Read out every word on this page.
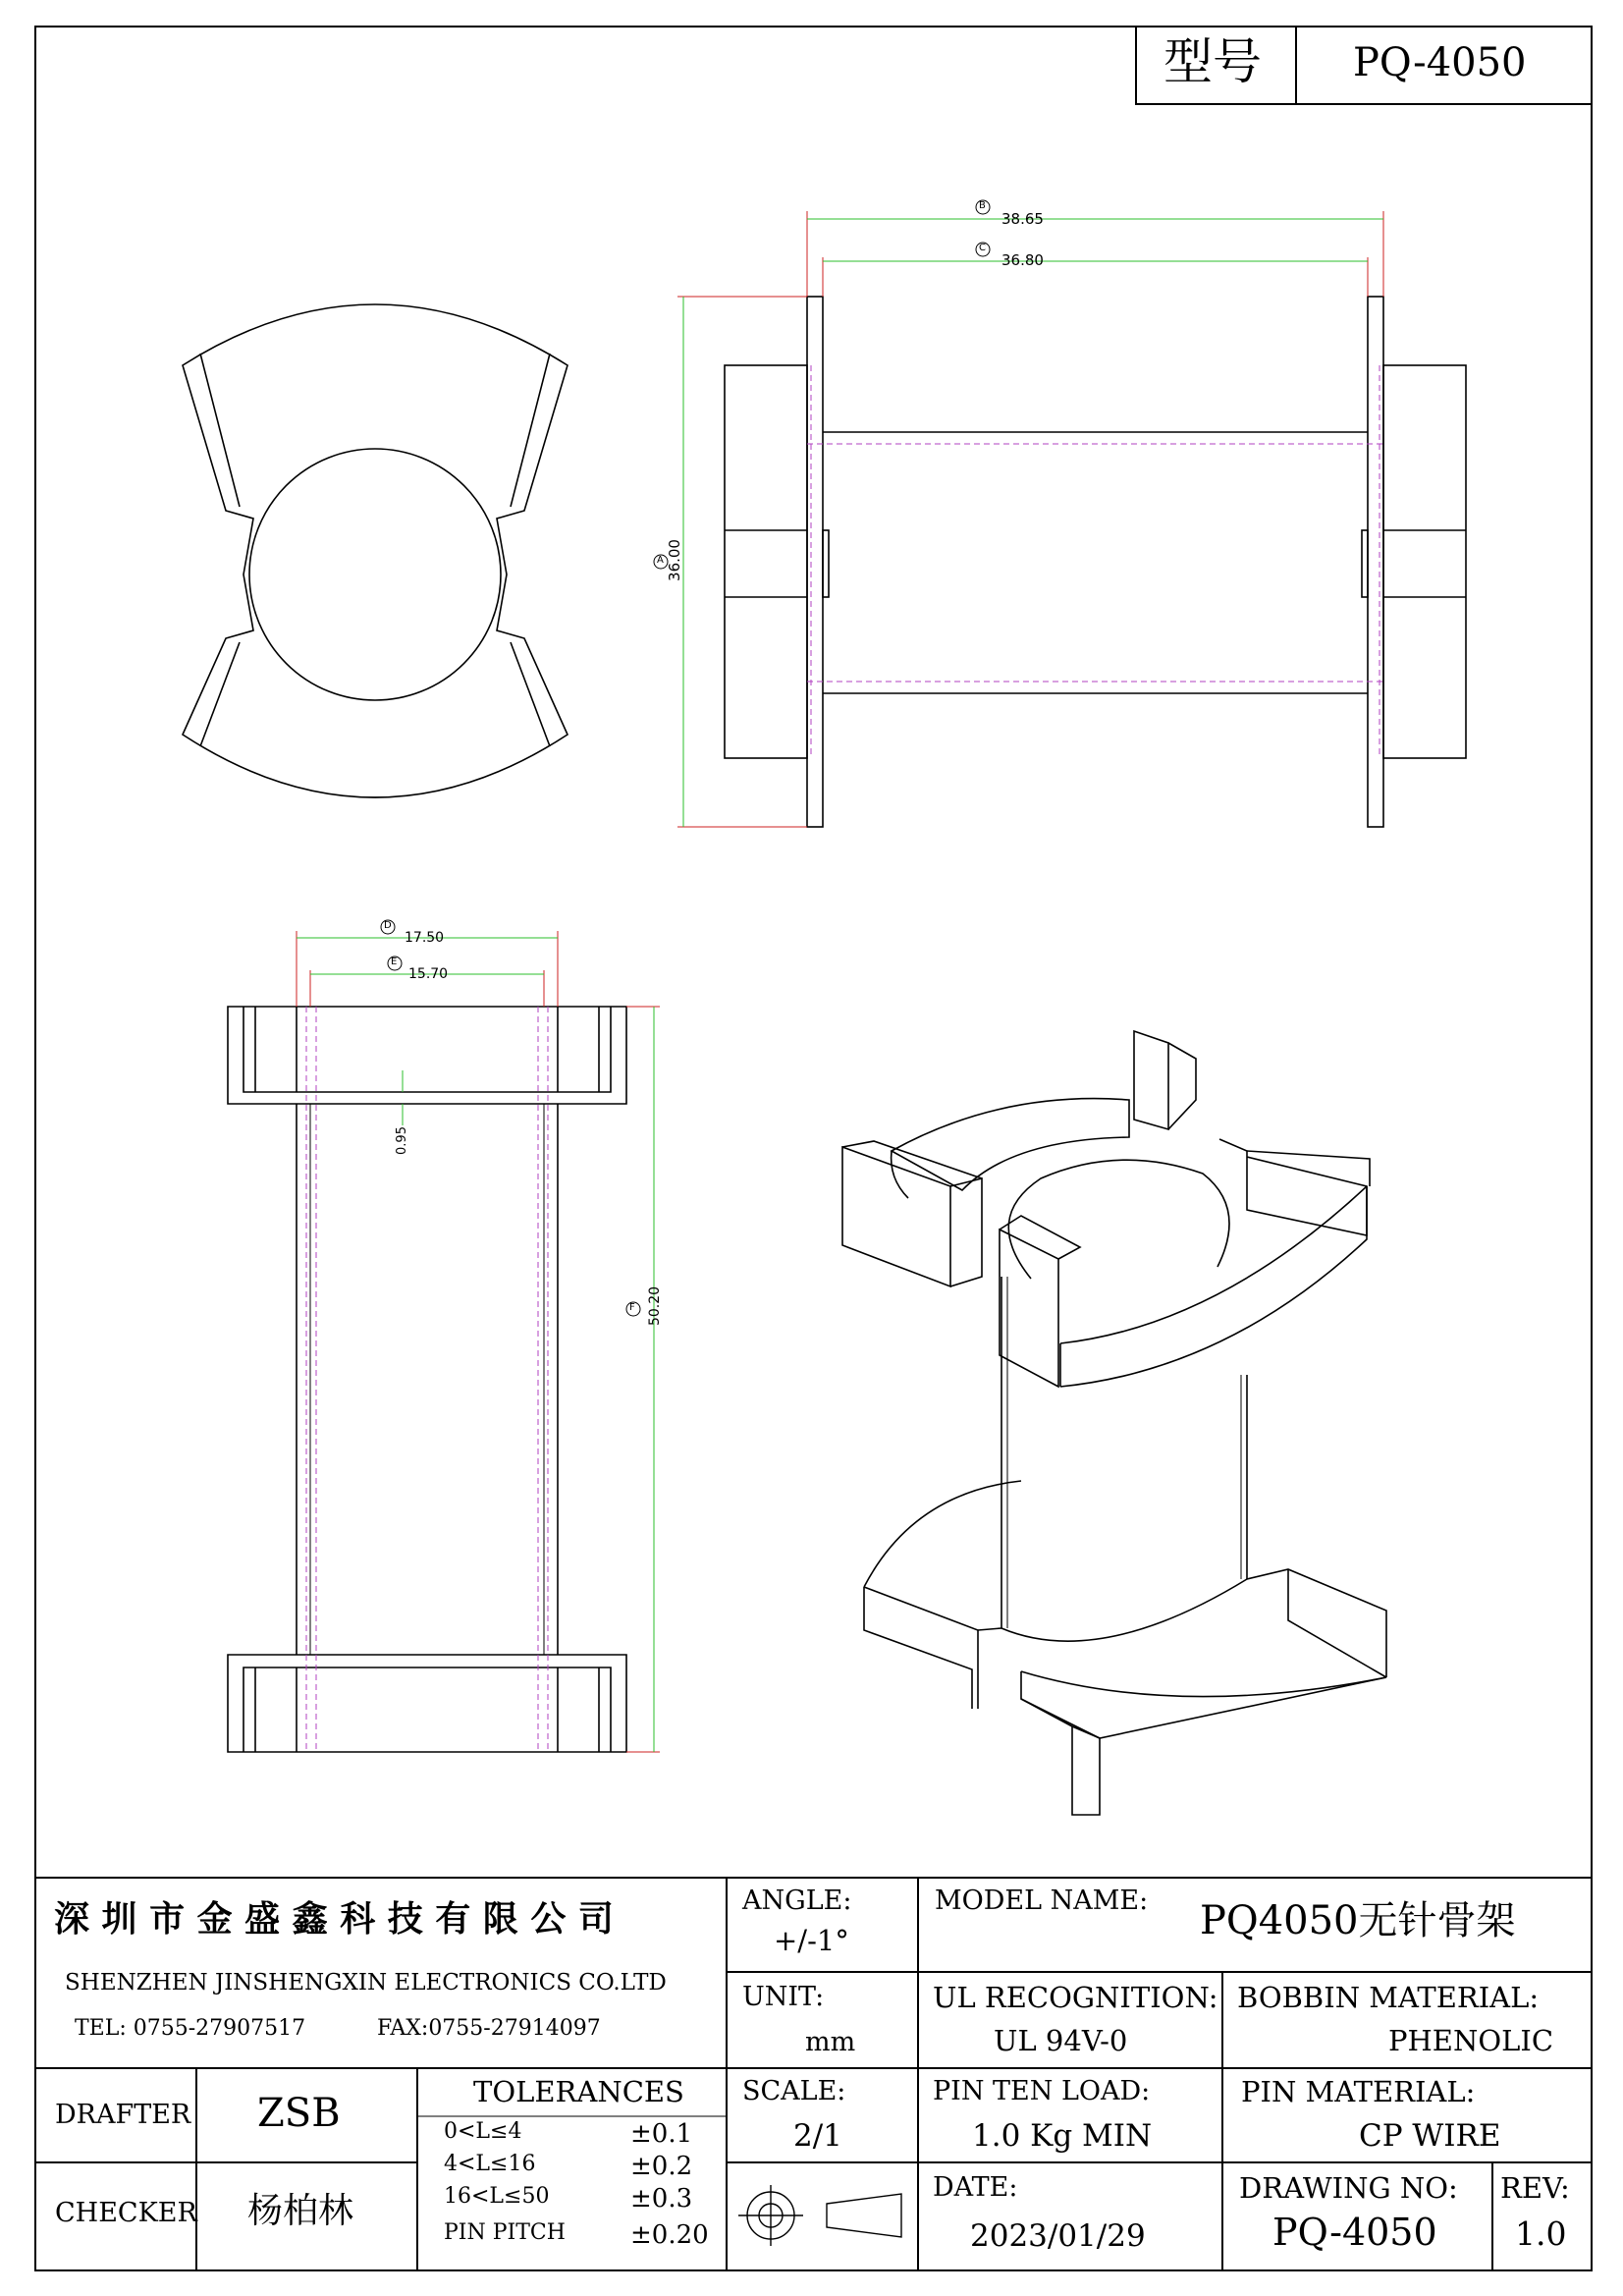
型号 PQ-4050
B
38.65
C
36.80
A 36.00
D
17.50
E
15.70
0.95
F 50.20
深 圳 市 金 盛 鑫 科 技 有 限 公 司
SHENZHEN JINSHENGXIN ELECTRONICS CO.LTD
TEL: 0755-27907517	FAX:0755-27914097
ANGLE:
+/-1°
MODEL NAME: PQ4050无针骨架
UNIT:
mm
UL RECOGNITION:
UL 94V-0
BOBBIN MATERIAL:
PHENOLIC
DRAFTER ZSB
CHECKER 杨柏林
TOLERANCES
0<L≤4	±0.1
4<L≤16	±0.2
16<L≤50	±0.3
PIN PITCH	±0.20
SCALE:
2/1
PIN TEN LOAD:
1.0 Kg MIN
PIN MATERIAL:
CP WIRE
DATE:
2023/01/29
DRAWING NO:
PQ-4050
REV:
1.0
